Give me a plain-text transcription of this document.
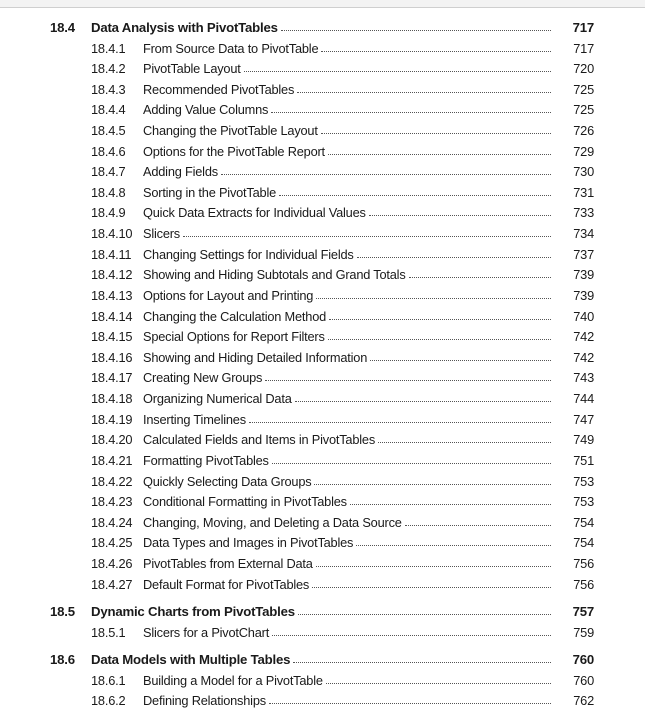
18.4 Data Analysis with PivotTables	717
18.4.1 From Source Data to PivotTable	717
18.4.2 PivotTable Layout	720
18.4.3 Recommended PivotTables	725
18.4.4 Adding Value Columns	725
18.4.5 Changing the PivotTable Layout	726
18.4.6 Options for the PivotTable Report	729
18.4.7 Adding Fields	730
18.4.8 Sorting in the PivotTable	731
18.4.9 Quick Data Extracts for Individual Values	733
18.4.10 Slicers	734
18.4.11 Changing Settings for Individual Fields	737
18.4.12 Showing and Hiding Subtotals and Grand Totals	739
18.4.13 Options for Layout and Printing	739
18.4.14 Changing the Calculation Method	740
18.4.15 Special Options for Report Filters	742
18.4.16 Showing and Hiding Detailed Information	742
18.4.17 Creating New Groups	743
18.4.18 Organizing Numerical Data	744
18.4.19 Inserting Timelines	747
18.4.20 Calculated Fields and Items in PivotTables	749
18.4.21 Formatting PivotTables	751
18.4.22 Quickly Selecting Data Groups	753
18.4.23 Conditional Formatting in PivotTables	753
18.4.24 Changing, Moving, and Deleting a Data Source	754
18.4.25 Data Types and Images in PivotTables	754
18.4.26 PivotTables from External Data	756
18.4.27 Default Format for PivotTables	756
18.5 Dynamic Charts from PivotTables	757
18.5.1 Slicers for a PivotChart	759
18.6 Data Models with Multiple Tables	760
18.6.1 Building a Model for a PivotTable	760
18.6.2 Defining Relationships	762
